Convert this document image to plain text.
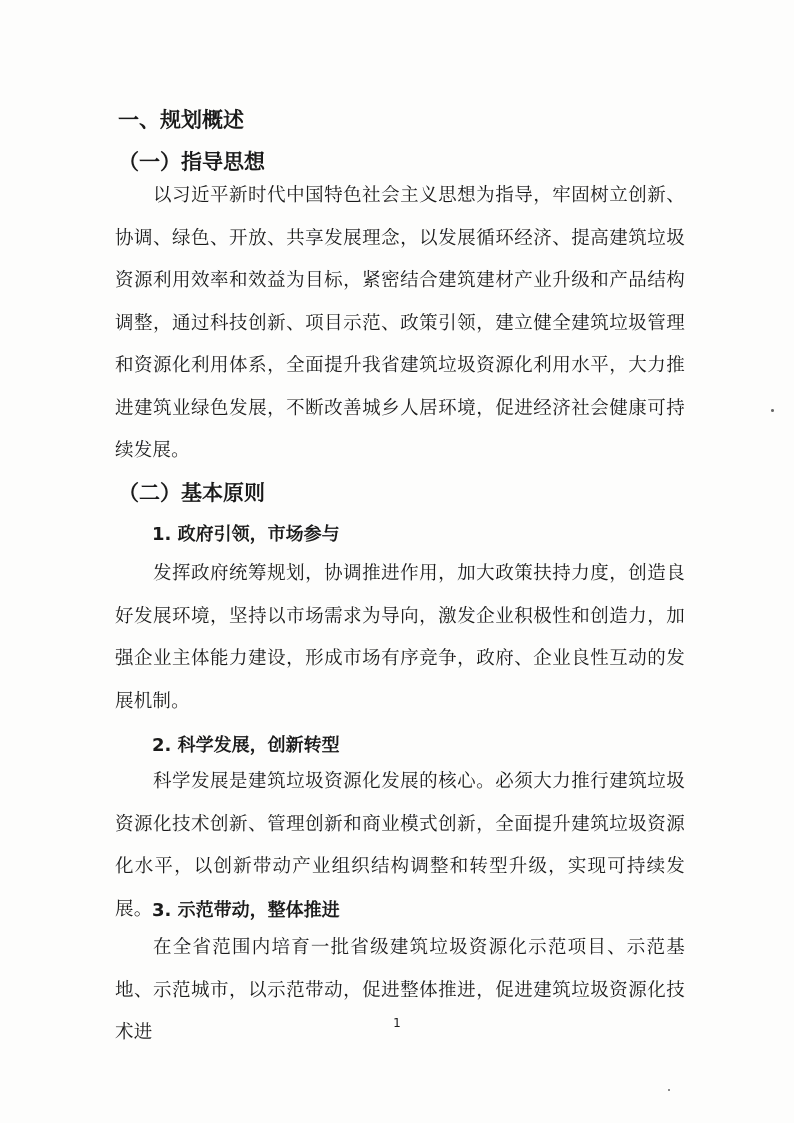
一、规划概述
（一）指导思想

以习近平新时代中国特色社会主义思想为指导，牢固树立创新、协调、绿色、开放、共享发展理念，以发展循环经济、提高建筑垃圾资源利用效率和效益为目标，紧密结合建筑建材产业升级和产品结构调整，通过科技创新、项目示范、政策引领，建立健全建筑垃圾管理和资源化利用体系，全面提升我省建筑垃圾资源化利用水平，大力推进建筑业绿色发展，不断改善城乡人居环境，促进经济社会健康可持续发展。

（二）基本原则
1. 政府引领，市场参与

发挥政府统筹规划，协调推进作用，加大政策扶持力度，创造良好发展环境，坚持以市场需求为导向，激发企业积极性和创造力，加强企业主体能力建设，形成市场有序竞争，政府、企业良性互动的发展机制。

2. 科学发展，创新转型

科学发展是建筑垃圾资源化发展的核心。必须大力推行建筑垃圾资源化技术创新、管理创新和商业模式创新，全面提升建筑垃圾资源化水平，以创新带动产业组织结构调整和转型升级，实现可持续发展。 3. 示范带动，整体推进

在全省范围内培育一批省级建筑垃圾资源化示范项目、示范基地、示范城市，以示范带动，促进整体推进，促进建筑垃圾资源化技术进	1
